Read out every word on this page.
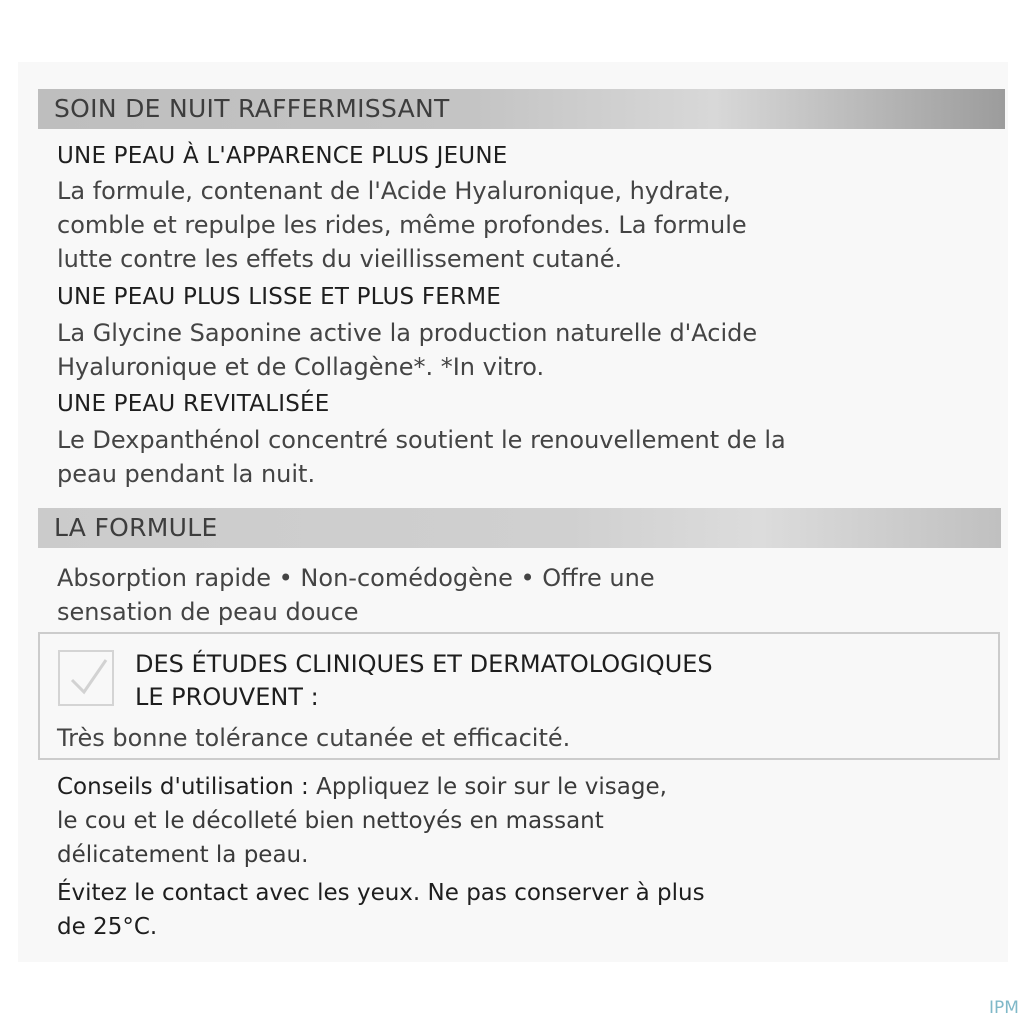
SOIN DE NUIT RAFFERMISSANT
UNE PEAU À L'APPARENCE PLUS JEUNE
La formule, contenant de l'Acide Hyaluronique, hydrate,
comble et repulpe les rides, même profondes. La formule
lutte contre les effets du vieillissement cutané.
UNE PEAU PLUS LISSE ET PLUS FERME
La Glycine Saponine active la production naturelle d'Acide
Hyaluronique et de Collagène*. *In vitro.
UNE PEAU REVITALISÉE
Le Dexpanthénol concentré soutient le renouvellement de la
peau pendant la nuit.
LA FORMULE
Absorption rapide • Non-comédogène • Offre une
sensation de peau douce
DES ÉTUDES CLINIQUES ET DERMATOLOGIQUES
LE PROUVENT :
Très bonne tolérance cutanée et efficacité.
Conseils d'utilisation : Appliquez le soir sur le visage,
le cou et le décolleté bien nettoyés en massant
délicatement la peau.
Évitez le contact avec les yeux. Ne pas conserver à plus
de 25°C.
IPM
